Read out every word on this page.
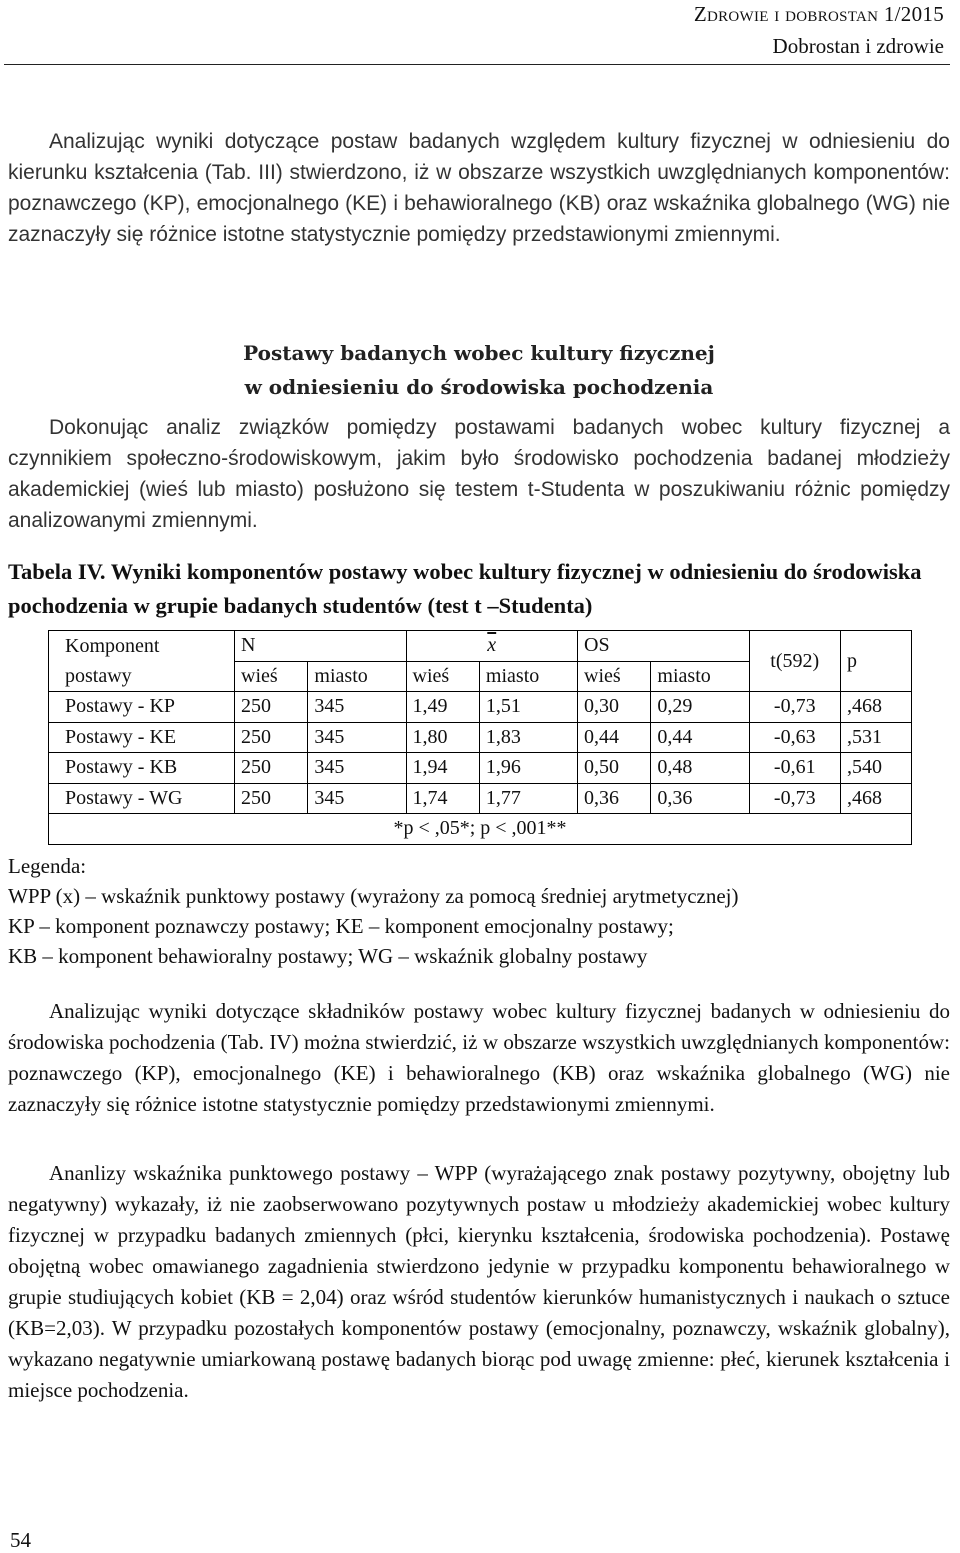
Zdrowie i dobrostan 1/2015
Dobrostan i zdrowie

Analizując wyniki dotyczące postaw badanych względem kultury fizycznej w odniesieniu do kierunku kształcenia (Tab. III) stwierdzono, iż w obszarze wszystkich uwzględnianych komponentów: poznawczego (KP), emocjonalnego (KE) i behawioralnego (KB) oraz wskaźnika globalnego (WG) nie zaznaczyły się różnice istotne statystycznie pomiędzy przedstawionymi zmiennymi.

Postawy badanych wobec kultury fizycznej
w odniesieniu do środowiska pochodzenia

Dokonując analiz związków pomiędzy postawami badanych wobec kultury fizycznej a czynnikiem społeczno-środowiskowym, jakim było środowisko pochodzenia badanej młodzieży akademickiej (wieś lub miasto) posłużono się testem t-Studenta w poszukiwaniu różnic pomiędzy analizowanymi zmiennymi.

Tabela IV. Wyniki komponentów postawy wobec kultury fizycznej w odniesieniu do środowiska pochodzenia w grupie badanych studentów (test t –Studenta)

Komponent	N		$\overline{x}$		OS		t(592)	p
postawy	wieś	miasto	wieś	miasto	wieś	miasto		
Postawy - KP	250	345	1,49	1,51	0,30	0,29	-0,73	,468
Postawy - KE	250	345	1,80	1,83	0,44	0,44	-0,63	,531
Postawy - KB	250	345	1,94	1,96	0,50	0,48	-0,61	,540
Postawy - WG	250	345	1,74	1,77	0,36	0,36	-0,73	,468
*p < ,05*; p < ,001**								
Legenda:
WPP (x) – wskaźnik punktowy postawy (wyrażony za pomocą średniej arytmetycznej)
KP – komponent poznawczy postawy; KE – komponent emocjonalny postawy;
KB – komponent behawioralny postawy; WG – wskaźnik globalny postawy

Analizując wyniki dotyczące składników postawy wobec kultury fizycznej badanych w odniesieniu do środowiska pochodzenia (Tab. IV) można stwierdzić, iż w obszarze wszystkich uwzględnianych komponentów: poznawczego (KP), emocjonalnego (KE) i behawioralnego (KB) oraz wskaźnika globalnego (WG) nie zaznaczyły się różnice istotne statystycznie pomiędzy przedstawionymi zmiennymi.

Ananlizy wskaźnika punktowego postawy – WPP (wyrażającego znak postawy pozytywny, obojętny lub negatywny) wykazały, iż nie zaobserwowano pozytywnych postaw u młodzieży akademickiej wobec kultury fizycznej w przypadku badanych zmiennych (płci, kierynku kształcenia, środowiska pochodzenia). Postawę obojętną wobec omawianego zagadnienia stwierdzono jedynie w przypadku komponentu behawioralnego w grupie studiujących kobiet (KB = 2,04) oraz wśród studentów kierunków humanistycznych i naukach o sztuce (KB=2,03). W przypadku pozostałych komponentów postawy (emocjonalny, poznawczy, wskaźnik globalny), wykazano negatywnie umiarkowaną postawę badanych biorąc pod uwagę zmienne: płeć, kierunek kształcenia i miejsce pochodzenia.

54
